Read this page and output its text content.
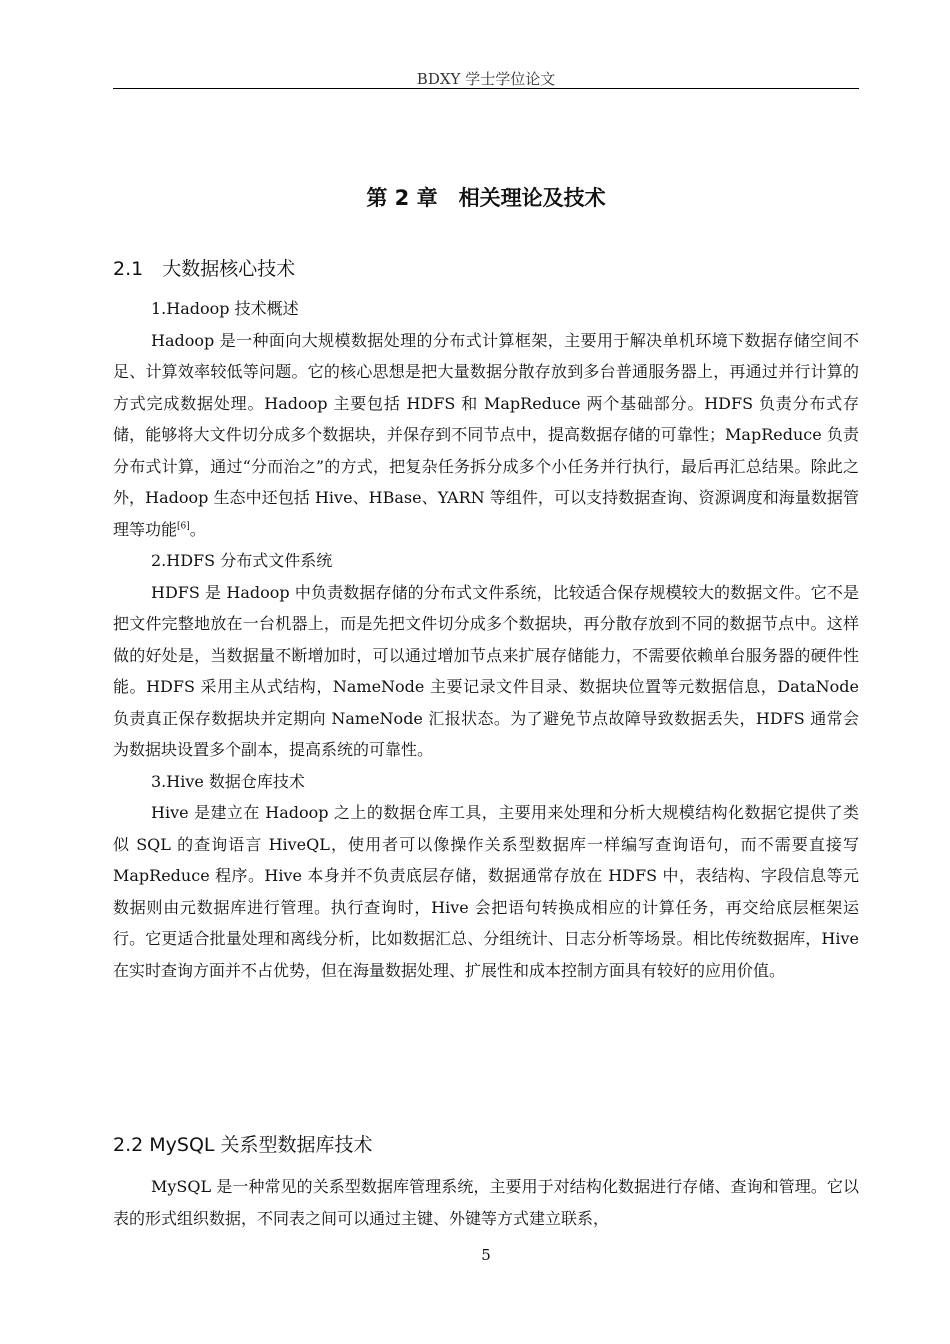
BDXY 学士学位论文
第 2 章　相关理论及技术
2.1　大数据核心技术

1.Hadoop 技术概述

Hadoop 是一种面向大规模数据处理的分布式计算框架，主要用于解决单机环境下数据存储空间不足、计算效率较低等问题。它的核心思想是把大量数据分散存放到多台普通服务器上，再通过并行计算的方式完成数据处理。Hadoop 主要包括 HDFS 和 MapReduce 两个基础部分。HDFS 负责分布式存储，能够将大文件切分成多个数据块，并保存到不同节点中，提高数据存储的可靠性；MapReduce 负责分布式计算，通过“分而治之”的方式，把复杂任务拆分成多个小任务并行执行，最后再汇总结果。除此之外，Hadoop 生态中还包括 Hive、HBase、YARN 等组件，可以支持数据查询、资源调度和海量数据管理等功能[6]。

2.HDFS 分布式文件系统

HDFS 是 Hadoop 中负责数据存储的分布式文件系统，比较适合保存规模较大的数据文件。它不是把文件完整地放在一台机器上，而是先把文件切分成多个数据块，再分散存放到不同的数据节点中。这样做的好处是，当数据量不断增加时，可以通过增加节点来扩展存储能力，不需要依赖单台服务器的硬件性能。HDFS 采用主从式结构，NameNode 主要记录文件目录、数据块位置等元数据信息，DataNode 负责真正保存数据块并定期向 NameNode 汇报状态。为了避免节点故障导致数据丢失，HDFS 通常会为数据块设置多个副本，提高系统的可靠性。

3.Hive 数据仓库技术

Hive 是建立在 Hadoop 之上的数据仓库工具，主要用来处理和分析大规模结构化数据它提供了类似 SQL 的查询语言 HiveQL，使用者可以像操作关系型数据库一样编写查询语句，而不需要直接写 MapReduce 程序。Hive 本身并不负责底层存储，数据通常存放在 HDFS 中，表结构、字段信息等元数据则由元数据库进行管理。执行查询时，Hive 会把语句转换成相应的计算任务，再交给底层框架运行。它更适合批量处理和离线分析，比如数据汇总、分组统计、日志分析等场景。相比传统数据库，Hive 在实时查询方面并不占优势，但在海量数据处理、扩展性和成本控制方面具有较好的应用价值。

2.2 MySQL 关系型数据库技术

MySQL 是一种常见的关系型数据库管理系统，主要用于对结构化数据进行存储、查询和管理。它以表的形式组织数据，不同表之间可以通过主键、外键等方式建立联系，

5
